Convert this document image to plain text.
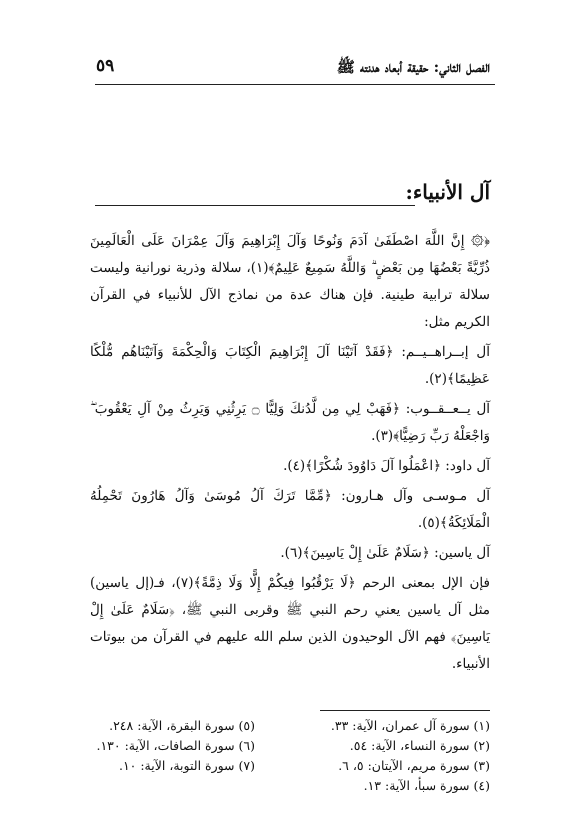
الفصل الثاني: حقيقة أبعاد هدنته ﷺ
٥٩
آل الأنبياء:

﴿۞ إِنَّ اللَّهَ اصْطَفَىٰ آدَمَ وَنُوحًا وَآلَ إِبْرَاهِيمَ وَآلَ عِمْرَانَ عَلَى الْعَالَمِينَ ذُرِّيَّةً بَعْضُهَا مِن بَعْضٍ ۗ وَاللَّهُ سَمِيعٌ عَلِيمٌ﴾(١)، سلالة وذرية نورانية وليست سلالة ترابية طينية. فإن هناك عدة من نماذج الآل للأنبياء في القرآن الكريم مثل:

آل إبــراهــيــم: ﴿فَقَدْ آتَيْنَا آلَ إِبْرَاهِيمَ الْكِتَابَ وَالْحِكْمَةَ وَآتَيْنَاهُم مُّلْكًا عَظِيمًا﴾(٢).

آل يــعــقــوب: ﴿فَهَبْ لِي مِن لَّدُنكَ وَلِيًّا ۝ يَرِثُنِي وَيَرِثُ مِنْ آلِ يَعْقُوبَ ۖ وَاجْعَلْهُ رَبِّ رَضِيًّا﴾(٣).

آل داود: ﴿اعْمَلُوا آلَ دَاوُودَ شُكْرًا﴾(٤).

آل مـوسـى وآل هـارون: ﴿مِّمَّا تَرَكَ آلُ مُوسَىٰ وَآلُ هَارُونَ تَحْمِلُهُ الْمَلَائِكَةُ﴾(٥).

آل ياسين: ﴿سَلَامٌ عَلَىٰ إِلْ يَاسِينَ﴾(٦).

فإن الإل بمعنى الرحم ﴿لَا يَرْقُبُوا فِيكُمْ إِلًّا وَلَا ذِمَّةً﴾(٧)، فـ(إل ياسين) مثل آل ياسين يعني رحم النبي ﷺ وقربى النبي ﷺ، ﴿سَلَامٌ عَلَىٰ إِلْ يَاسِينَ﴾ فهم الآل الوحيدون الذين سلم الله عليهم في القرآن من بيوتات الأنبياء.

(١) سورة آل عمران، الآية: ٣٣.
(٢) سورة النساء، الآية: ٥٤.
(٣) سورة مريم، الآيتان: ٥، ٦.
(٤) سورة سبأ، الآية: ١٣.
(٥) سورة البقرة، الآية: ٢٤٨.
(٦) سورة الصافات، الآية: ١٣٠.
(٧) سورة التوبة، الآية: ١٠.
